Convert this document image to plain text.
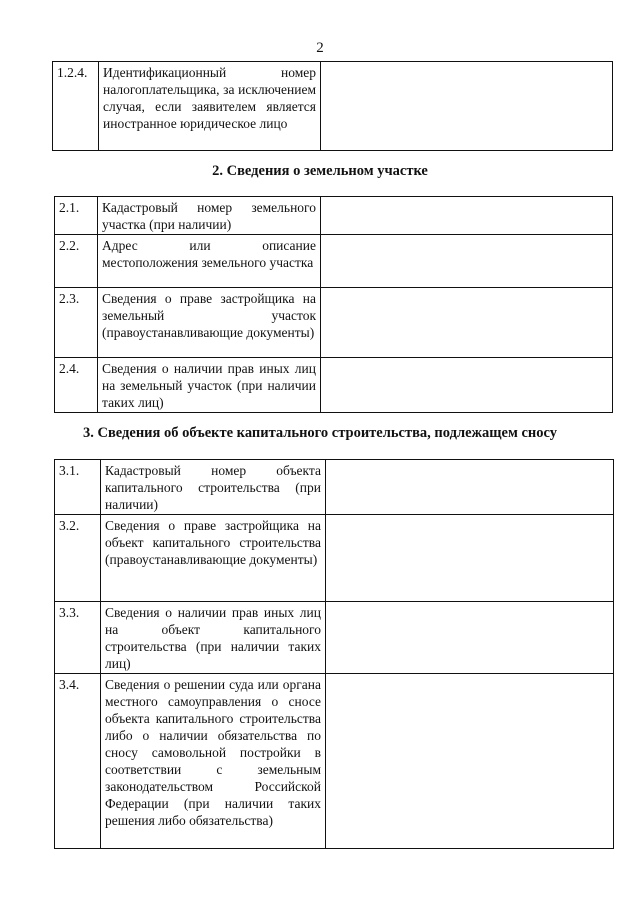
2
1.2.4.	Идентификационный номер налогоплательщика, за исключением случая, если заявителем является иностранное юридическое лицо	
2. Сведения о земельном участке
2.1.	Кадастровый номер земельного участка (при наличии)	
2.2.	Адрес или описание местоположения земельного участка	
2.3.	Сведения о праве застройщика на земельный участок (правоустанавливающие документы)	
2.4.	Сведения о наличии прав иных лиц на земельный участок (при наличии таких лиц)	
3. Сведения об объекте капитального строительства, подлежащем сносу
3.1.	Кадастровый номер объекта капитального строительства (при наличии)	
3.2.	Сведения о праве застройщика на объект капитального строительства (правоустанавливающие документы)	
3.3.	Сведения о наличии прав иных лиц на объект капитального строительства (при наличии таких лиц)	
3.4.	Сведения о решении суда или органа местного самоуправления о сносе объекта капитального строительства либо о наличии обязательства по сносу самовольной постройки в соответствии с земельным законодательством Российской Федерации (при наличии таких решения либо обязательства)	
